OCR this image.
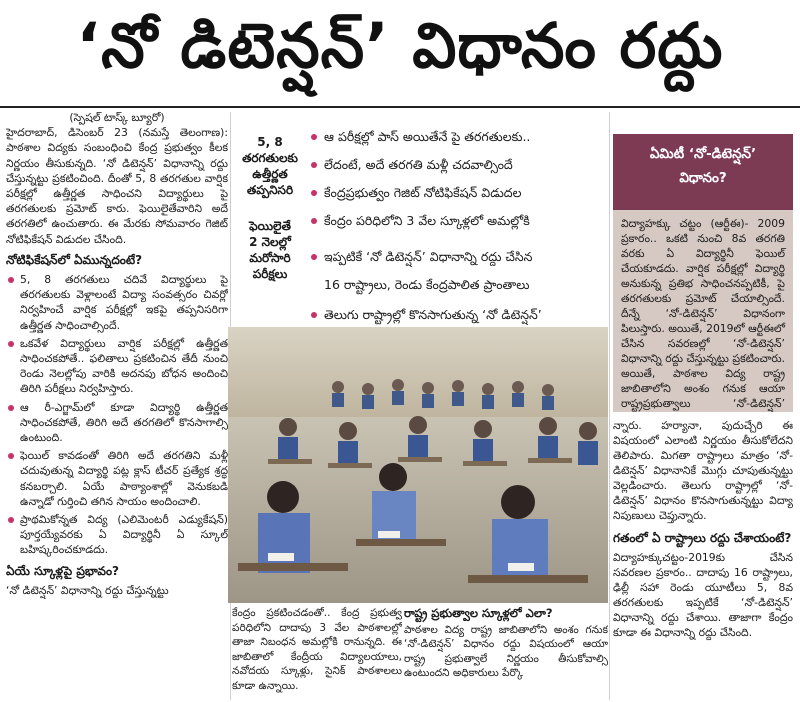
‘నో డిటెన్షన్’ విధానం రద్దు
(స్పెషల్ టాస్క్ బ్యూరో)

హైదరాబాద్, డిసెంబర్ 23 (నమస్తే తెలంగాణ): పాఠశాల విద్యకు సంబంధించి కేంద్ర ప్రభుత్వం కీలక నిర్ణయం తీసుకున్నది. ‘నో డిటెన్షన్’ విధానాన్ని రద్దు చేస్తున్నట్టు ప్రకటించింది. దీంతో 5, 8 తరగతుల వార్షిక పరీక్షల్లో ఉత్తీర్ణత సాధించని విద్యార్థులు పై తరగతులకు ప్రమోట్ కారు. ఫెయిలైతేవారిని అదే తరగతిలో ఉంచుతారు. ఈ మేరకు సోమవారం గెజిట్ నోటిఫికేషన్ విడుదల చేసింది.

నోటిఫికేషన్‌లో ఏమున్నదంటే?
5, 8 తరగతులు చదివే విద్యార్థులు పై తరగతులకు వెళ్లాలంటే విద్యా సంవత్సరం చివర్లో నిర్వహించే వార్షిక పరీక్షల్లో ఇకపై తప్పనిసరిగా ఉత్తీర్ణత సాధించాల్సిందే.
ఒకవేళ విద్యార్థులు వార్షిక పరీక్షల్లో ఉత్తీర్ణత సాధించకపోతే.. ఫలితాలు ప్రకటించిన తేదీ నుంచి రెండు నెలల్లోపు వారికి అదనపు బోధన అందించి తిరిగి పరీక్షలు నిర్వహిస్తారు.
ఆ రీ-ఎగ్జామ్‌లో కూడా విద్యార్థి ఉత్తీర్ణత సాధించకపోతే, తిరిగి అదే తరగతిలో కొనసాగాల్సి ఉంటుంది.
ఫెయిల్ కావడంతో తిరిగి అదే తరగతిని మళ్లీ చదువుతున్న విద్యార్థి పట్ల క్లాస్ టీచర్ ప్రత్యేక శ్రద్ధ కనబర్చాలి. ఏయే పాఠ్యాంశాల్లో వెనుకబడి ఉన్నాడో గుర్తించి తగిన సాయం అందించాలి.
ప్రాథమికోన్నత విద్య (ఎలిమెంటరీ ఎడ్యుకేషన్) పూర్తయ్యేవరకు ఏ విద్యార్థినీ ఏ స్కూల్ బహిష్కరించకూడదు.
ఏయే స్కూళ్లపై ప్రభావం?

‘నో డిటెన్షన్’ విధానాన్ని రద్దు చేస్తున్నట్టు

5, 8
తరగతులకు
ఉత్తీర్ణత
తప్పనిసరి
ఫెయిలైతే
2 నెలల్లో
మరోసారి
పరీక్షలు
ఆ పరీక్షల్లో పాస్ అయితేనే పై తరగతులకు..
లేదంటే, అదే తరగతి మళ్లీ చదవాల్సిందే
కేంద్రప్రభుత్వం గెజిట్ నోటిఫికేషన్ విడుదల
కేంద్రం పరిధిలోని 3 వేల స్కూళ్లలో అమల్లోకి
ఇప్పటికే ‘నో డిటెన్షన్’ విధానాన్ని రద్దు చేసిన
16 రాష్ట్రాలు, రెండు కేంద్రపాలిత ప్రాంతాలు
తెలుగు రాష్ట్రాల్లో కొనసాగుతున్న ‘నో డిటెన్షన్’
కేంద్రం ప్రకటించడంతో.. కేంద్ర ప్రభుత్వ పరిధిలోని దాదాపు 3 వేల పాఠశాలల్లో తాజా నిబంధన అమల్లోకి రానున్నది. ఈ జాబితాలో కేంద్రీయ విద్యాలయాలు, నవోదయ స్కూళ్లు, సైనిక్ పాఠశాలలు కూడా ఉన్నాయి.
రాష్ట్ర ప్రభుత్వాల స్కూళ్లలో ఎలా?

పాఠశాల విద్య రాష్ట్ర జాబితాలోని అంశం గనుక ‘నో-డిటెన్షన్’ విధానం రద్దు విషయంలో ఆయా రాష్ట్ర ప్రభుత్వాలే నిర్ణయం తీసుకోవాల్సి ఉంటుందని అధికారులు పేర్కొ

ఏమిటీ ‘నో-డిటెన్షన్’
విధానం?
విద్యాహక్కు చట్టం (ఆర్టీఈ)- 2009 ప్రకారం.. ఒకటి నుంచి 8వ తరగతి వరకు ఏ విద్యార్థినీ ఫెయిల్ చేయకూడదు. వార్షిక పరీక్షల్లో విద్యార్థి అనుకున్న ప్రతిభ సాధించనప్పటికీ, పై తరగతులకు ప్రమోట్ చేయాల్సిందే. దీన్నే ‘నో-డిటెన్షన్’ విధానంగా పిలుస్తారు. అయితే, 2019లో ఆర్టీఈలో చేసిన సవరణల్లో ‘నో-డిటెన్షన్’ విధానాన్ని రద్దు చేస్తున్నట్టు ప్రకటించారు. అయితే, పాఠశాల విద్య రాష్ట్ర జాబితాలోని అంశం గనుక ఆయా రాష్ట్రప్రభుత్వాలు ‘నో-డిటెన్షన్’

న్నారు. హర్యానా, పుదుచ్చేరి ఈ విషయంలో ఎలాంటి నిర్ణయం తీసుకోలేదని తెలిపారు. మిగతా రాష్ట్రాలు మాత్రం ‘నో-డిటెన్షన్’ విధానానికే మొగ్గు చూపుతున్నట్టు వెల్లడించారు. తెలుగు రాష్ట్రాల్లో ‘నో-డిటెన్షన్’ విధానం కొనసాగుతున్నట్టు విద్యా నిపుణులు చెప్తున్నారు.

గతంలో ఏ రాష్ట్రాలు రద్దు చేశాయంటే?

విద్యాహక్కుచట్టం-2019కు చేసిన సవరణల ప్రకారం.. దాదాపు 16 రాష్ట్రాలు, ఢిల్లీ సహా రెండు యూటీలు 5, 8వ తరగతులకు ఇప్పటికే ‘నో-డిటెన్షన్’ విధానాన్ని రద్దు చేశాయి. తాజాగా కేంద్రం కూడా ఈ విధానాన్ని రద్దు చేసింది.
